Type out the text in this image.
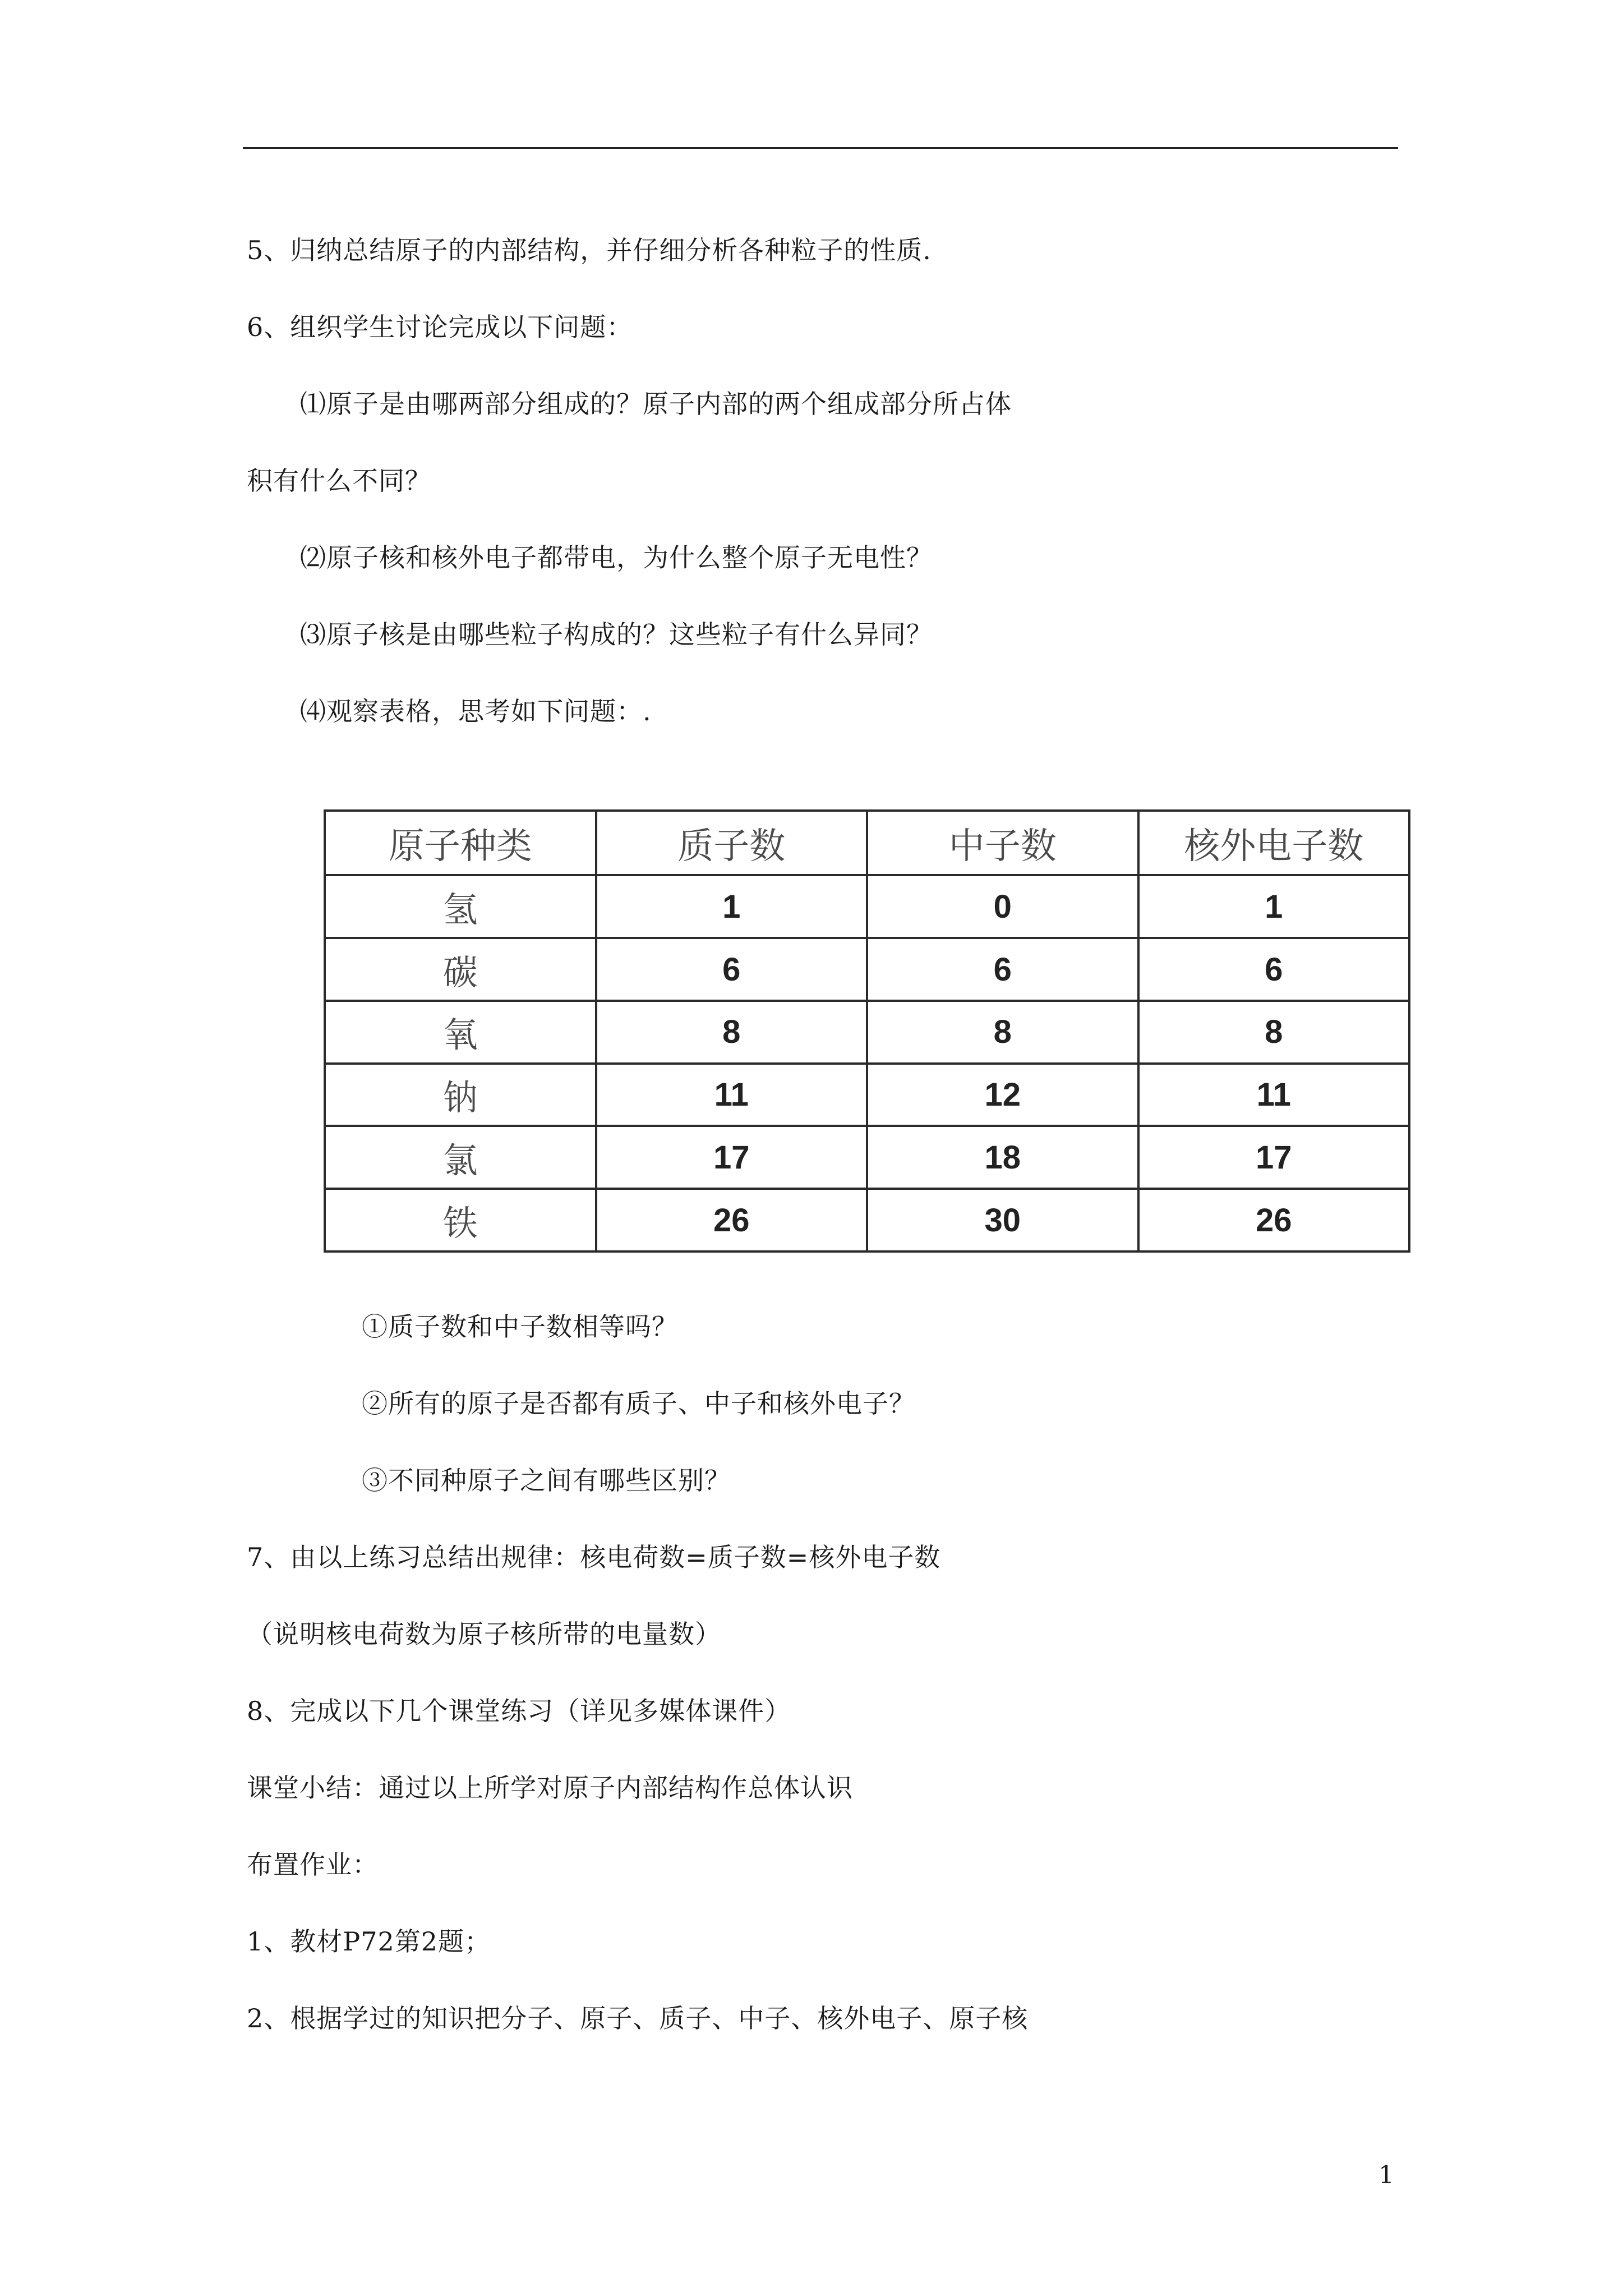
5、归纳总结原子的内部结构，并仔细分析各种粒子的性质.
6、组织学生讨论完成以下问题：
⑴原子是由哪两部分组成的？原子内部的两个组成部分所占体
积有什么不同？
⑵原子核和核外电子都带电，为什么整个原子无电性？
⑶原子核是由哪些粒子构成的？这些粒子有什么异同？
⑷观察表格，思考如下问题：.
原子种类	质子数	中子数	核外电子数
氢	1	0	1
碳	6	6	6
氧	8	8	8
钠	11	12	11
氯	17	18	17
铁	26	30	26
①质子数和中子数相等吗？
②所有的原子是否都有质子、中子和核外电子？
③不同种原子之间有哪些区别？
7、由以上练习总结出规律：核电荷数=质子数=核外电子数
（说明核电荷数为原子核所带的电量数）
8、完成以下几个课堂练习（详见多媒体课件）
课堂小结：通过以上所学对原子内部结构作总体认识
布置作业：
1、教材P72第2题；
2、根据学过的知识把分子、原子、质子、中子、核外电子、原子核
1
